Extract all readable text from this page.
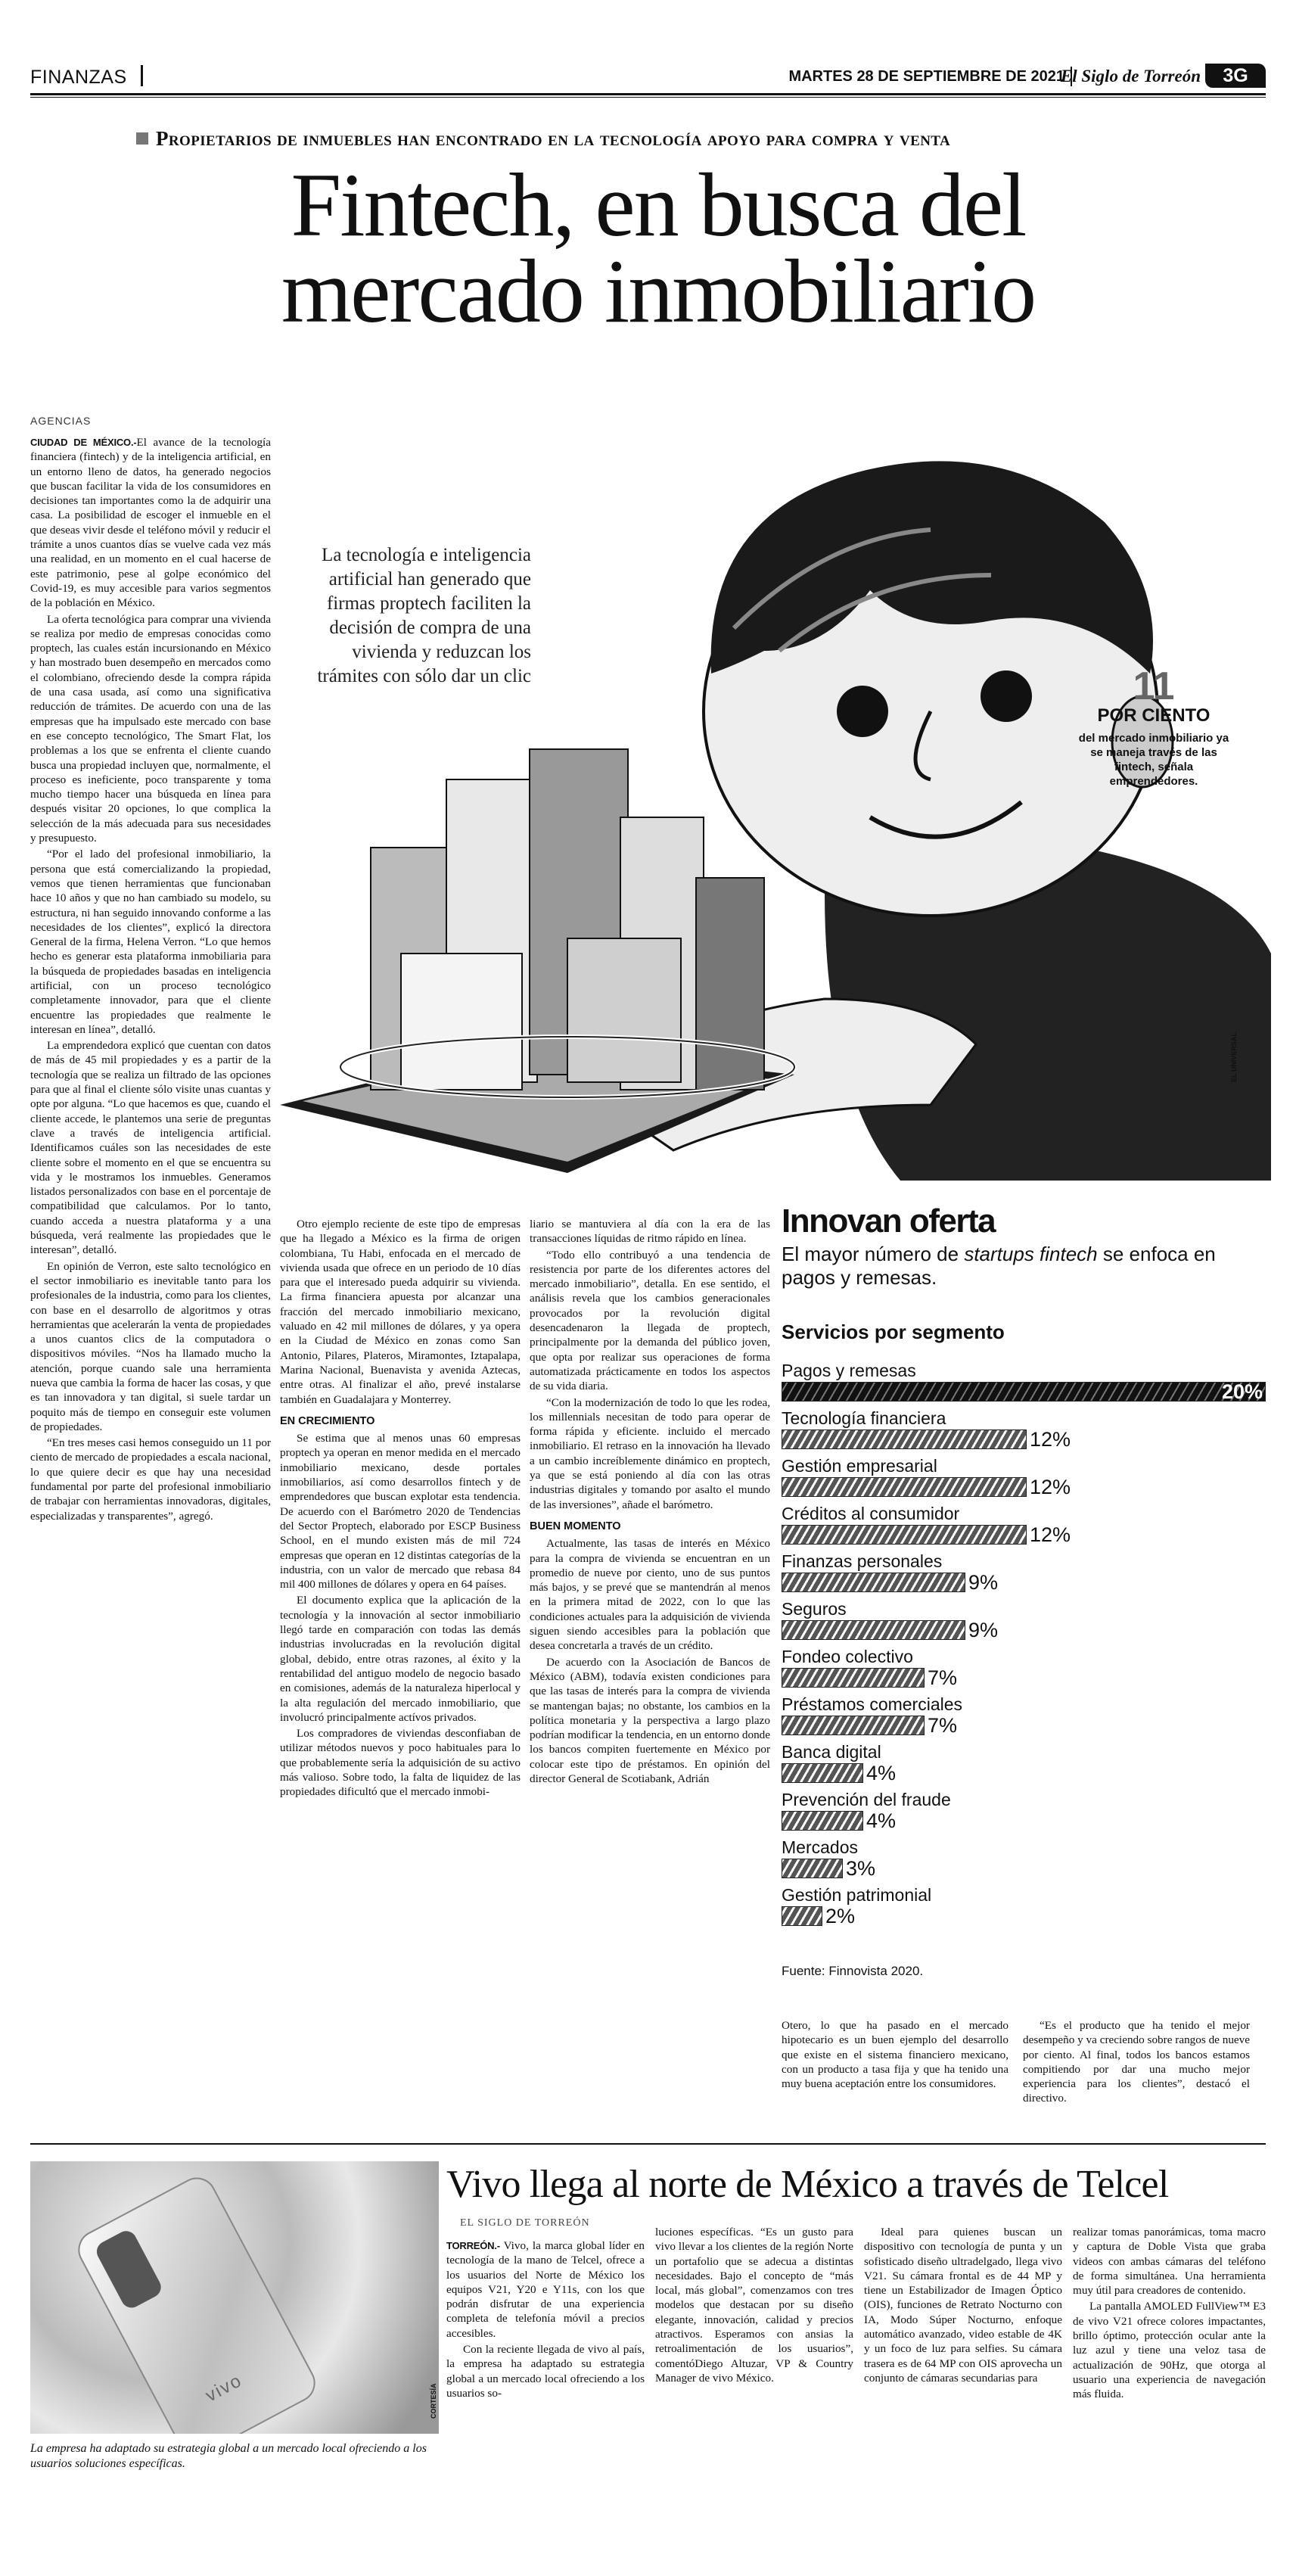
FINANZAS	MARTES 28 DE SEPTIEMBRE DE 2021
El Siglo de Torreón	3G
Propietarios de inmuebles han encontrado en la tecnología apoyo para compra y venta
Fintech, en busca del
mercado inmobiliario
AGENCIAS
La tecnología e inteligencia artificial han generado que firmas proptech faciliten la decisión de compra de una vivienda y reduzcan los trámites con sólo dar un clic	11
POR CIENTO
del mercado inmobiliario ya se maneja través de las fintech, señala emprendedores.
EL UNIVERSAL

CIUDAD DE MÉXICO.-El avance de la tecnología financiera (fintech) y de la inteligencia artificial, en un entorno lleno de datos, ha generado negocios que buscan facilitar la vida de los consumidores en decisiones tan importantes como la de adquirir una casa. La posibilidad de escoger el inmueble en el que deseas vivir desde el teléfono móvil y reducir el trámite a unos cuantos días se vuelve cada vez más una realidad, en un momento en el cual hacerse de este patrimonio, pese al golpe económico del Covid-19, es muy accesible para varios segmentos de la población en México.

La oferta tecnológica para comprar una vivienda se realiza por medio de empresas conocidas como proptech, las cuales están incursionando en México y han mostrado buen desempeño en mercados como el colombiano, ofreciendo desde la compra rápida de una casa usada, así como una significativa reducción de trámites. De acuerdo con una de las empresas que ha impulsado este mercado con base en ese concepto tecnológico, The Smart Flat, los problemas a los que se enfrenta el cliente cuando busca una propiedad incluyen que, normalmente, el proceso es ineficiente, poco transparente y toma mucho tiempo hacer una búsqueda en línea para después visitar 20 opciones, lo que complica la selección de la más adecuada para sus necesidades y presupuesto.

“Por el lado del profesional inmobiliario, la persona que está comercializando la propiedad, vemos que tienen herramientas que funcionaban hace 10 años y que no han cambiado su modelo, su estructura, ni han seguido innovando conforme a las necesidades de los clientes”, explicó la directora General de la firma, Helena Verron. “Lo que hemos hecho es generar esta plataforma inmobiliaria para la búsqueda de propiedades basadas en inteligencia artificial, con un proceso tecnológico completamente innovador, para que el cliente encuentre las propiedades que realmente le interesan en línea”, detalló.

La emprendedora explicó que cuentan con datos de más de 45 mil propiedades y es a partir de la tecnología que se realiza un filtrado de las opciones para que al final el cliente sólo visite unas cuantas y opte por alguna. “Lo que hacemos es que, cuando el cliente accede, le plantemos una serie de preguntas clave a través de inteligencia artificial. Identificamos cuáles son las necesidades de este cliente sobre el momento en el que se encuentra su vida y le mostramos los inmuebles. Generamos listados personalizados con base en el porcentaje de compatibilidad que calculamos. Por lo tanto, cuando acceda a nuestra plataforma y a una búsqueda, verá realmente las propiedades que le interesan”, detalló.

En opinión de Verron, este salto tecnológico en el sector inmobiliario es inevitable tanto para los profesionales de la industria, como para los clientes, con base en el desarrollo de algoritmos y otras herramientas que acelerarán la venta de propiedades a unos cuantos clics de la computadora o dispositivos móviles. “Nos ha llamado mucho la atención, porque cuando sale una herramienta nueva que cambia la forma de hacer las cosas, y que es tan innovadora y tan digital, si suele tardar un poquito más de tiempo en conseguir este volumen de propiedades.

“En tres meses casi hemos conseguido un 11 por ciento de mercado de propiedades a escala nacional, lo que quiere decir es que hay una necesidad fundamental por parte del profesional inmobiliario de trabajar con herramientas innovadoras, digitales, especializadas y transparentes”, agregó.

Otro ejemplo reciente de este tipo de empresas que ha llegado a México es la firma de origen colombiana, Tu Habi, enfocada en el mercado de vivienda usada que ofrece en un periodo de 10 días para que el interesado pueda adquirir su vivienda. La firma financiera apuesta por alcanzar una fracción del mercado inmobiliario mexicano, valuado en 42 mil millones de dólares, y ya opera en la Ciudad de México en zonas como San Antonio, Pilares, Plateros, Miramontes, Iztapalapa, Marina Nacional, Buenavista y avenida Aztecas, entre otras. Al finalizar el año, prevé instalarse también en Guadalajara y Monterrey.

EN CRECIMIENTO

Se estima que al menos unas 60 empresas proptech ya operan en menor medida en el mercado inmobiliario mexicano, desde portales inmobiliarios, así como desarrollos fintech y de emprendedores que buscan explotar esta tendencia. De acuerdo con el Barómetro 2020 de Tendencias del Sector Proptech, elaborado por ESCP Business School, en el mundo existen más de mil 724 empresas que operan en 12 distintas categorías de la industria, con un valor de mercado que rebasa 84 mil 400 millones de dólares y opera en 64 países.

El documento explica que la aplicación de la tecnología y la innovación al sector inmobiliario llegó tarde en comparación con todas las demás industrias involucradas en la revolución digital global, debido, entre otras razones, al éxito y la rentabilidad del antiguo modelo de negocio basado en comisiones, además de la naturaleza hiperlocal y la alta regulación del mercado inmobiliario, que involucró principalmente actívos privados.

Los compradores de viviendas desconfiaban de utilizar métodos nuevos y poco habituales para lo que probablemente sería la adquisición de su activo más valioso. Sobre todo, la falta de liquidez de las propiedades dificultó que el mercado inmobi-

liario se mantuviera al día con la era de las transacciones líquidas de ritmo rápido en línea.

“Todo ello contribuyó a una tendencia de resistencia por parte de los diferentes actores del mercado inmobiliario”, detalla. En ese sentido, el análisis revela que los cambios generacionales provocados por la revolución digital desencadenaron la llegada de proptech, principalmente por la demanda del público joven, que opta por realizar sus operaciones de forma automatizada prácticamente en todos los aspectos de su vida diaria.

“Con la modernización de todo lo que les rodea, los millennials necesitan de todo para operar de forma rápida y eficiente. incluido el mercado inmobiliario. El retraso en la innovación ha llevado a un cambio increíblemente dinámico en proptech, ya que se está poniendo al día con las otras industrias digitales y tomando por asalto el mundo de las inversiones”, añade el barómetro.

BUEN MOMENTO

Actualmente, las tasas de interés en México para la compra de vivienda se encuentran en un promedio de nueve por ciento, uno de sus puntos más bajos, y se prevé que se mantendrán al menos en la primera mitad de 2022, con lo que las condiciones actuales para la adquisición de vivienda siguen siendo accesibles para la población que desea concretarla a través de un crédito.

De acuerdo con la Asociación de Bancos de México (ABM), todavía existen condiciones para que las tasas de interés para la compra de vivienda se mantengan bajas; no obstante, los cambios en la política monetaria y la perspectiva a largo plazo podrían modificar la tendencia, en un entorno donde los bancos compiten fuertemente en México por colocar este tipo de préstamos. En opinión del director General de Scotiabank, Adrián

Innovan oferta
El mayor número de startups fintech se enfoca en pagos y remesas.
Servicios por segmento
Pagos y remesas
20%
Tecnología financiera
12%
Gestión empresarial
12%
Créditos al consumidor
12%
Finanzas personales
9%
Seguros
9%
Fondeo colectivo
7%
Préstamos comerciales
7%
Banca digital
4%
Prevención del fraude
4%
Mercados
3%
Gestión patrimonial
2%
Fuente: Finnovista 2020.

Otero, lo que ha pasado en el mercado hipotecario es un buen ejemplo del desarrollo que existe en el sistema financiero mexicano, con un producto a tasa fija y que ha tenido una muy buena aceptación entre los consumidores.

“Es el producto que ha tenido el mejor desempeño y va creciendo sobre rangos de nueve por ciento. Al final, todos los bancos estamos compitiendo por dar una mucho mejor experiencia para los clientes”, destacó el directivo.

vivo	CORTESÍA
La empresa ha adaptado su estrategia global a un mercado local ofreciendo a los usuarios soluciones específicas.
Vivo llega al norte de México a través de Telcel
EL SIGLO DE TORREÓN

TORREÓN.- Vivo, la marca global líder en tecnología de la mano de Telcel, ofrece a los usuarios del Norte de México los equipos V21, Y20 e Y11s, con los que podrán disfrutar de una experiencia completa de telefonía móvil a precios accesibles.

Con la reciente llegada de vivo al país, la empresa ha adaptado su estrategia global a un mercado local ofreciendo a los usuarios so-

luciones específicas. “Es un gusto para vivo llevar a los clientes de la región Norte un portafolio que se adecua a distintas necesidades. Bajo el concepto de “más local, más global”, comenzamos con tres modelos que destacan por su diseño elegante, innovación, calidad y precios atractivos. Esperamos con ansias la retroalimentación de los usuarios”, comentóDiego Altuzar, VP & Country Manager de vivo México.

Ideal para quienes buscan un dispositivo con tecnología de punta y un sofisticado diseño ultradelgado, llega vivo V21. Su cámara frontal es de 44 MP y tiene un Estabilizador de Imagen Óptico (OIS), funciones de Retrato Nocturno con IA, Modo Súper Nocturno, enfoque automático avanzado, video estable de 4K y un foco de luz para selfies. Su cámara trasera es de 64 MP con OIS aprovecha un conjunto de cámaras secundarias para

realizar tomas panorámicas, toma macro y captura de Doble Vista que graba videos con ambas cámaras del teléfono de forma simultánea. Una herramienta muy útil para creadores de contenido.

La pantalla AMOLED FullView™ E3 de vivo V21 ofrece colores impactantes, brillo óptimo, protección ocular ante la luz azul y tiene una veloz tasa de actualización de 90Hz, que otorga al usuario una experiencia de navegación más fluida.
